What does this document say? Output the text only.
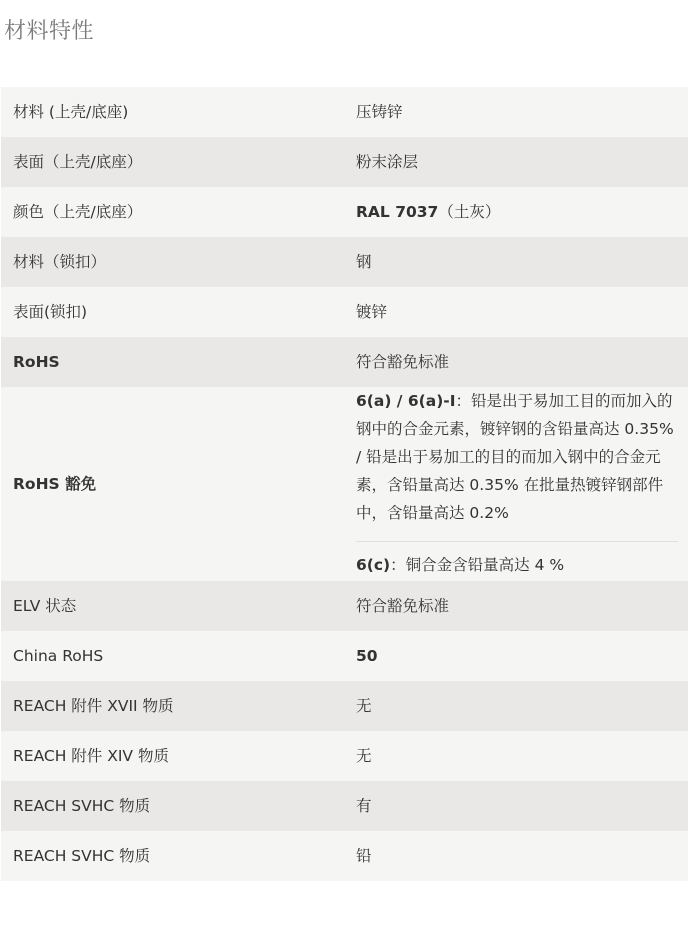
材料特性
材料 (上壳/底座)	压铸锌
表面（上壳/底座）	粉末涂层
颜色（上壳/底座）	RAL 7037（土灰）
材料（锁扣）	钢
表面(锁扣)	镀锌
RoHS	符合豁免标准
RoHS 豁免	6(a) / 6(a)-I：铅是出于易加工目的而加入的钢中的合金元素，镀锌钢的含铅量高达 0.35% / 铅是出于易加工的目的而加入钢中的合金元素，含铅量高达 0.35% 在批量热镀锌钢部件中，含铅量高达 0.2%
6(c)：铜合金含铅量高达 4 %

ELV 状态	符合豁免标准
China RoHS	50
REACH 附件 XVII 物质	无
REACH 附件 XIV 物质	无
REACH SVHC 物质	有
REACH SVHC 物质	铅
